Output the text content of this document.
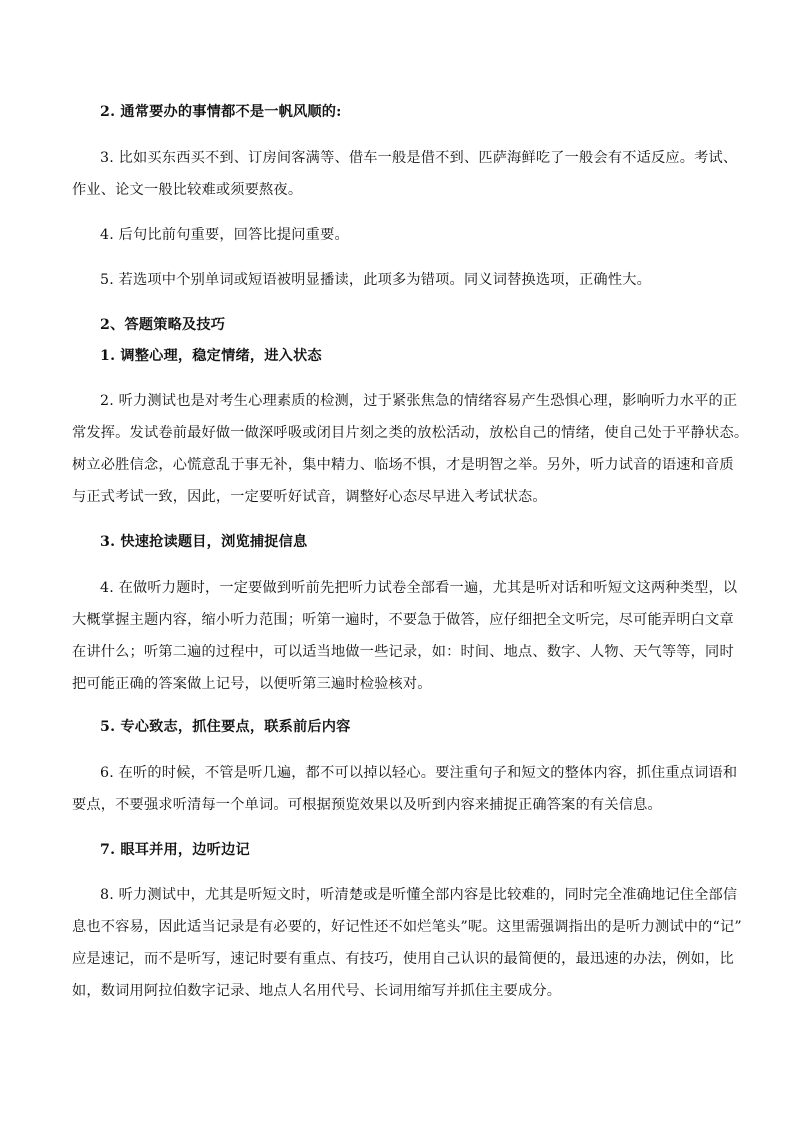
2. 通常要办的事情都不是一帆风顺的:

3. 比如买东西买不到、订房间客满等、借车一般是借不到、匹萨海鲜吃了一般会有不适反应。考试、
作业、论文一般比较难或须要熬夜。

4. 后句比前句重要，回答比提问重要。

5. 若选项中个别单词或短语被明显播读，此项多为错项。同义词替换选项，正确性大。

2、答题策略及技巧

1. 调整心理，稳定情绪，进入状态

2. 听力测试也是对考生心理素质的检测，过于紧张焦急的情绪容易产生恐惧心理，影响听力水平的正
常发挥。发试卷前最好做一做深呼吸或闭目片刻之类的放松活动，放松自己的情绪，使自己处于平静状态。
树立必胜信念，心慌意乱于事无补，集中精力、临场不惧，才是明智之举。另外，听力试音的语速和音质
与正式考试一致，因此，一定要听好试音，调整好心态尽早进入考试状态。

3. 快速抢读题目，浏览捕捉信息

4. 在做听力题时，一定要做到听前先把听力试卷全部看一遍，尤其是听对话和听短文这两种类型，以
大概掌握主题内容，缩小听力范围；听第一遍时，不要急于做答，应仔细把全文听完，尽可能弄明白文章
在讲什么；听第二遍的过程中，可以适当地做一些记录，如：时间、地点、数字、人物、天气等等，同时
把可能正确的答案做上记号，以便听第三遍时检验核对。

5. 专心致志，抓住要点，联系前后内容

6. 在听的时候，不管是听几遍，都不可以掉以轻心。要注重句子和短文的整体内容，抓住重点词语和
要点，不要强求听清每一个单词。可根据预览效果以及听到内容来捕捉正确答案的有关信息。

7. 眼耳并用，边听边记

8. 听力测试中，尤其是听短文时，听清楚或是听懂全部内容是比较难的，同时完全准确地记住全部信
息也不容易，因此适当记录是有必要的，好记性还不如烂笔头”呢。这里需强调指出的是听力测试中的“记”
应是速记，而不是听写，速记时要有重点、有技巧，使用自己认识的最简便的，最迅速的办法，例如，比
如，数词用阿拉伯数字记录、地点人名用代号、长词用缩写并抓住主要成分。
